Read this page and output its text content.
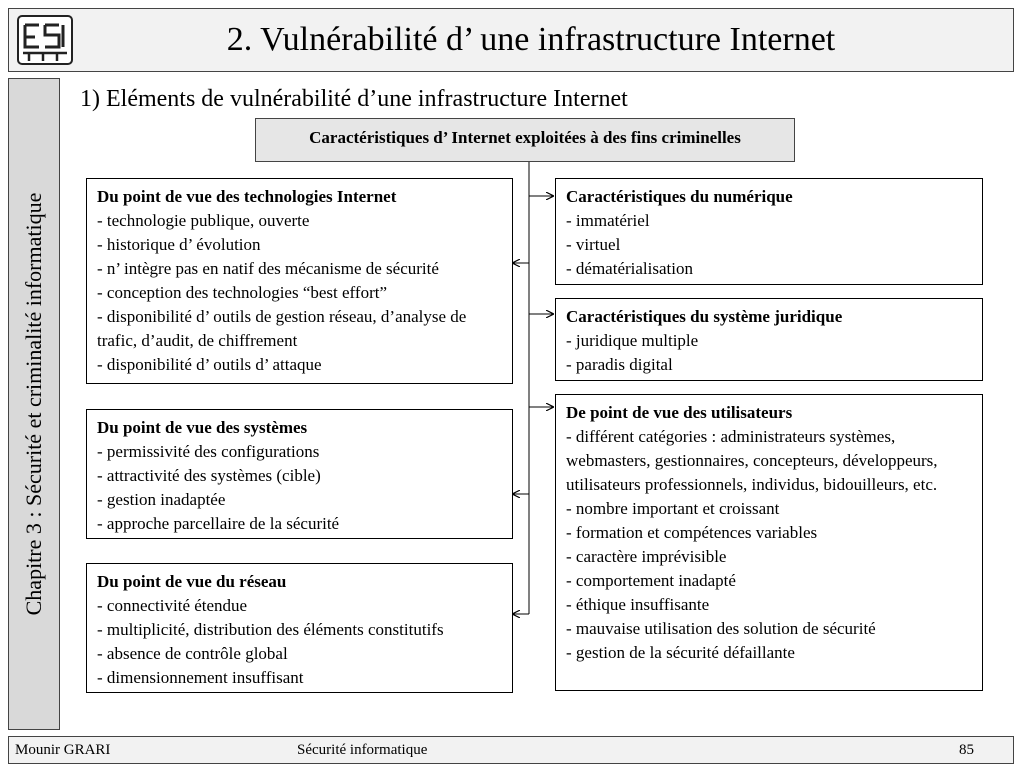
2. Vulnérabilité d’ une infrastructure Internet
Chapitre 3 : Sécurité et criminalité informatique
1) Eléments de vulnérabilité d’une infrastructure Internet
Caractéristiques d’ Internet exploitées à des fins criminelles
Du point de vue des technologies Internet
- technologie publique, ouverte
- historique d’ évolution
- n’ intègre pas en natif des mécanisme de sécurité
- conception des technologies “best effort”
- disponibilité d’ outils de gestion réseau, d’analyse de trafic, d’audit, de chiffrement
- disponibilité d’ outils d’ attaque
Du point de vue des systèmes
- permissivité des configurations
- attractivité des systèmes (cible)
- gestion inadaptée
- approche parcellaire de la sécurité
Du point de vue du réseau
- connectivité étendue
- multiplicité, distribution des éléments constitutifs
- absence de contrôle global
- dimensionnement insuffisant
Caractéristiques du numérique
- immatériel
- virtuel
- dématérialisation
Caractéristiques du système juridique
- juridique multiple
- paradis digital
De point de vue des utilisateurs
- différent catégories : administrateurs systèmes, webmasters, gestionnaires, concepteurs, développeurs, utilisateurs professionnels, individus, bidouilleurs, etc.
- nombre important et croissant
- formation et compétences variables
- caractère imprévisible
- comportement inadapté
- éthique insuffisante
- mauvaise utilisation des solution de sécurité
- gestion de la sécurité défaillante
Mounir GRARI	Sécurité informatique	85
